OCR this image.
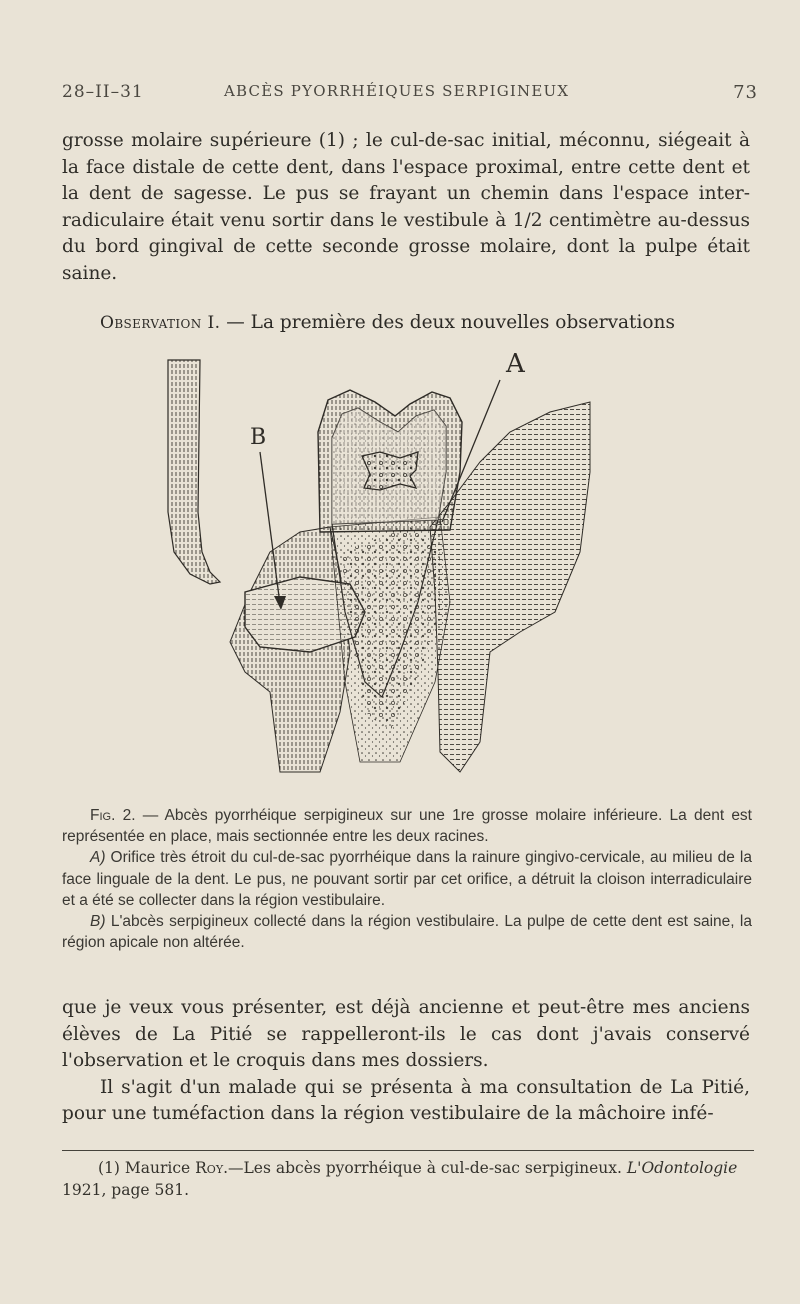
28–II–31	ABCÈS PYORRHÉIQUES SERPIGINEUX	73

grosse molaire supérieure (1) ; le cul-de-sac initial, méconnu, siégeait à la face distale de cette dent, dans l'espace proximal, entre cette dent et la dent de sagesse. Le pus se frayant un chemin dans l'espace inter-radiculaire était venu sortir dans le vestibule à 1/2 centimètre au-dessus du bord gingival de cette seconde grosse molaire, dont la pulpe était saine.

Observation I. — La première des deux nouvelles observations
A
B

Fig. 2. — Abcès pyorrhéique serpigineux sur une 1re grosse molaire inférieure. La dent est représentée en place, mais sectionnée entre les deux racines.

A) Orifice très étroit du cul-de-sac pyorrhéique dans la rainure gingivo-cervicale, au milieu de la face linguale de la dent. Le pus, ne pouvant sortir par cet orifice, a détruit la cloison interradiculaire et a été se collecter dans la région vestibulaire.

B) L'abcès serpigineux collecté dans la région vestibulaire. La pulpe de cette dent est saine, la région apicale non altérée.

que je veux vous présenter, est déjà ancienne et peut-être mes anciens élèves de La Pitié se rappelleront-ils le cas dont j'avais conservé l'observation et le croquis dans mes dossiers.

Il s'agit d'un malade qui se présenta à ma consultation de La Pitié, pour une tuméfaction dans la région vestibulaire de la mâchoire infé-

(1) Maurice Roy.—Les abcès pyorrhéique à cul-de-sac serpigineux. L'Odontologie 1921, page 581.
